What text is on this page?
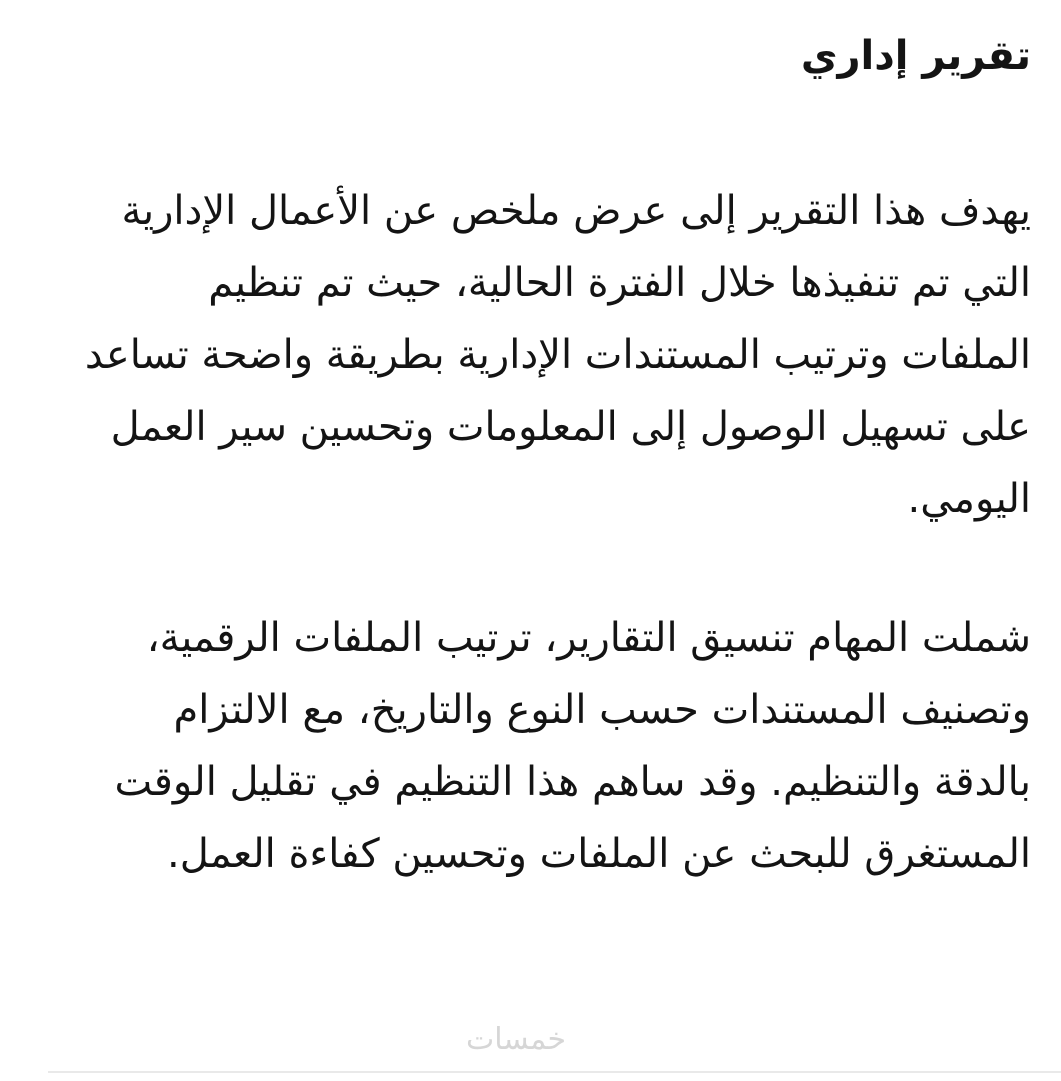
تقرير إداري

يهدف هذا التقرير إلى عرض ملخص عن الأعمال الإدارية التي تم تنفيذها خلال الفترة الحالية، حيث تم تنظيم الملفات وترتيب المستندات الإدارية بطريقة واضحة تساعد على تسهيل الوصول إلى المعلومات وتحسين سير العمل اليومي.

شملت المهام تنسيق التقارير، ترتيب الملفات الرقمية، وتصنيف المستندات حسب النوع والتاريخ، مع الالتزام بالدقة والتنظيم. وقد ساهم هذا التنظيم في تقليل الوقت المستغرق للبحث عن الملفات وتحسين كفاءة العمل.

خمسات
